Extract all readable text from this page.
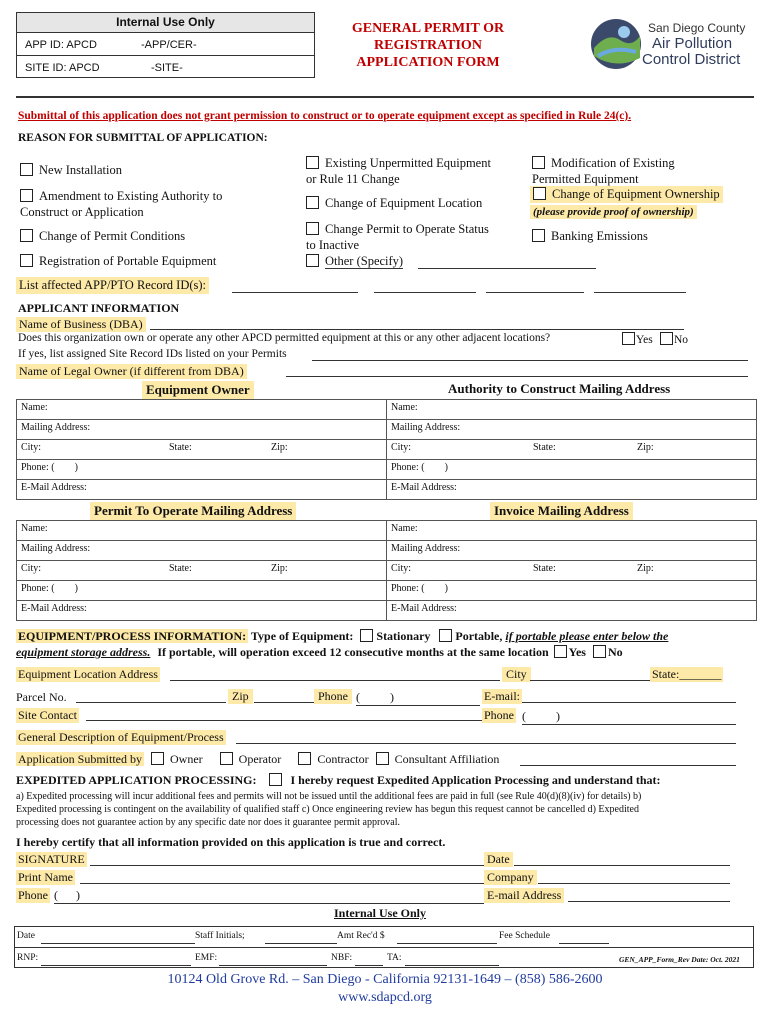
Internal Use Only
APP ID: APCD	-APP/CER-
SITE ID: APCD	-SITE-
GENERAL PERMIT OR
REGISTRATION
APPLICATION FORM
San Diego County
Air Pollution
Control District
Submittal of this application does not grant permission to construct or to operate equipment except as specified in Rule 24(c).
REASON FOR SUBMITTAL OF APPLICATION:
New Installation
Amendment to Existing Authority to
Construct or Application
Change of Permit Conditions
Registration of Portable Equipment
Existing Unpermitted Equipment
or Rule 11 Change
Change of Equipment Location
Change Permit to Operate Status
to Inactive
Other (Specify)
Modification of Existing
Permitted Equipment
Change of Equipment Ownership
(please provide proof of ownership)
Banking Emissions
List affected APP/PTO Record ID(s):
APPLICANT INFORMATION
Name of Business (DBA)
Does this organization own or operate any other APCD permitted equipment at this or any other adjacent locations?	Yes	No
If yes, list assigned Site Record IDs listed on your Permits
Name of Legal Owner (if different from DBA)
Equipment Owner	Authority to Construct Mailing Address
Name:	Name:
Mailing Address:	Mailing Address:
City: State: Zip:	City: State: Zip:

Phone: (        )	Phone: (        )
E-Mail Address:	E-Mail Address:
Permit To Operate Mailing Address	Invoice Mailing Address
Name:	Name:
Mailing Address:	Mailing Address:
City: State: Zip:	City: State: Zip:

Phone: (        )	Phone: (        )
E-Mail Address:	E-Mail Address:
EQUIPMENT/PROCESS INFORMATION: Type of Equipment: Stationary Portable, if portable please enter below the
equipment storage address. If portable, will operation exceed 12 consecutive months at the same location Yes No
Equipment Location Address	City	State:_______
Parcel No.	Zip	Phone (          )	E-mail:
Site Contact	Phone (          )
General Description of Equipment/Process
Application Submitted by Owner	Operator	Contractor Consultant Affiliation
EXPEDITED APPLICATION PROCESSING:	I hereby request Expedited Application Processing and understand that:
a) Expedited processing will incur additional fees and permits will not be issued until the additional fees are paid in full (see Rule 40(d)(8)(iv) for details) b)
Expedited processing is contingent on the availability of qualified staff c) Once engineering review has begun this request cannot be cancelled d) Expedited
processing does not guarantee action by any specific date nor does it guarantee permit approval.
I hereby certify that all information provided on this application is true and correct.
SIGNATURE	Date
Print Name	Company
Phone (      )	E-mail Address
Internal Use Only
Date	Staff Initials;	Amt Rec'd $	Fee Schedule
RNP:	EMF:	NBF:	TA:	GEN_APP_Form_Rev Date: Oct. 2021
10124 Old Grove Rd. – San Diego - California 92131-1649 – (858) 586-2600
www.sdapcd.org
